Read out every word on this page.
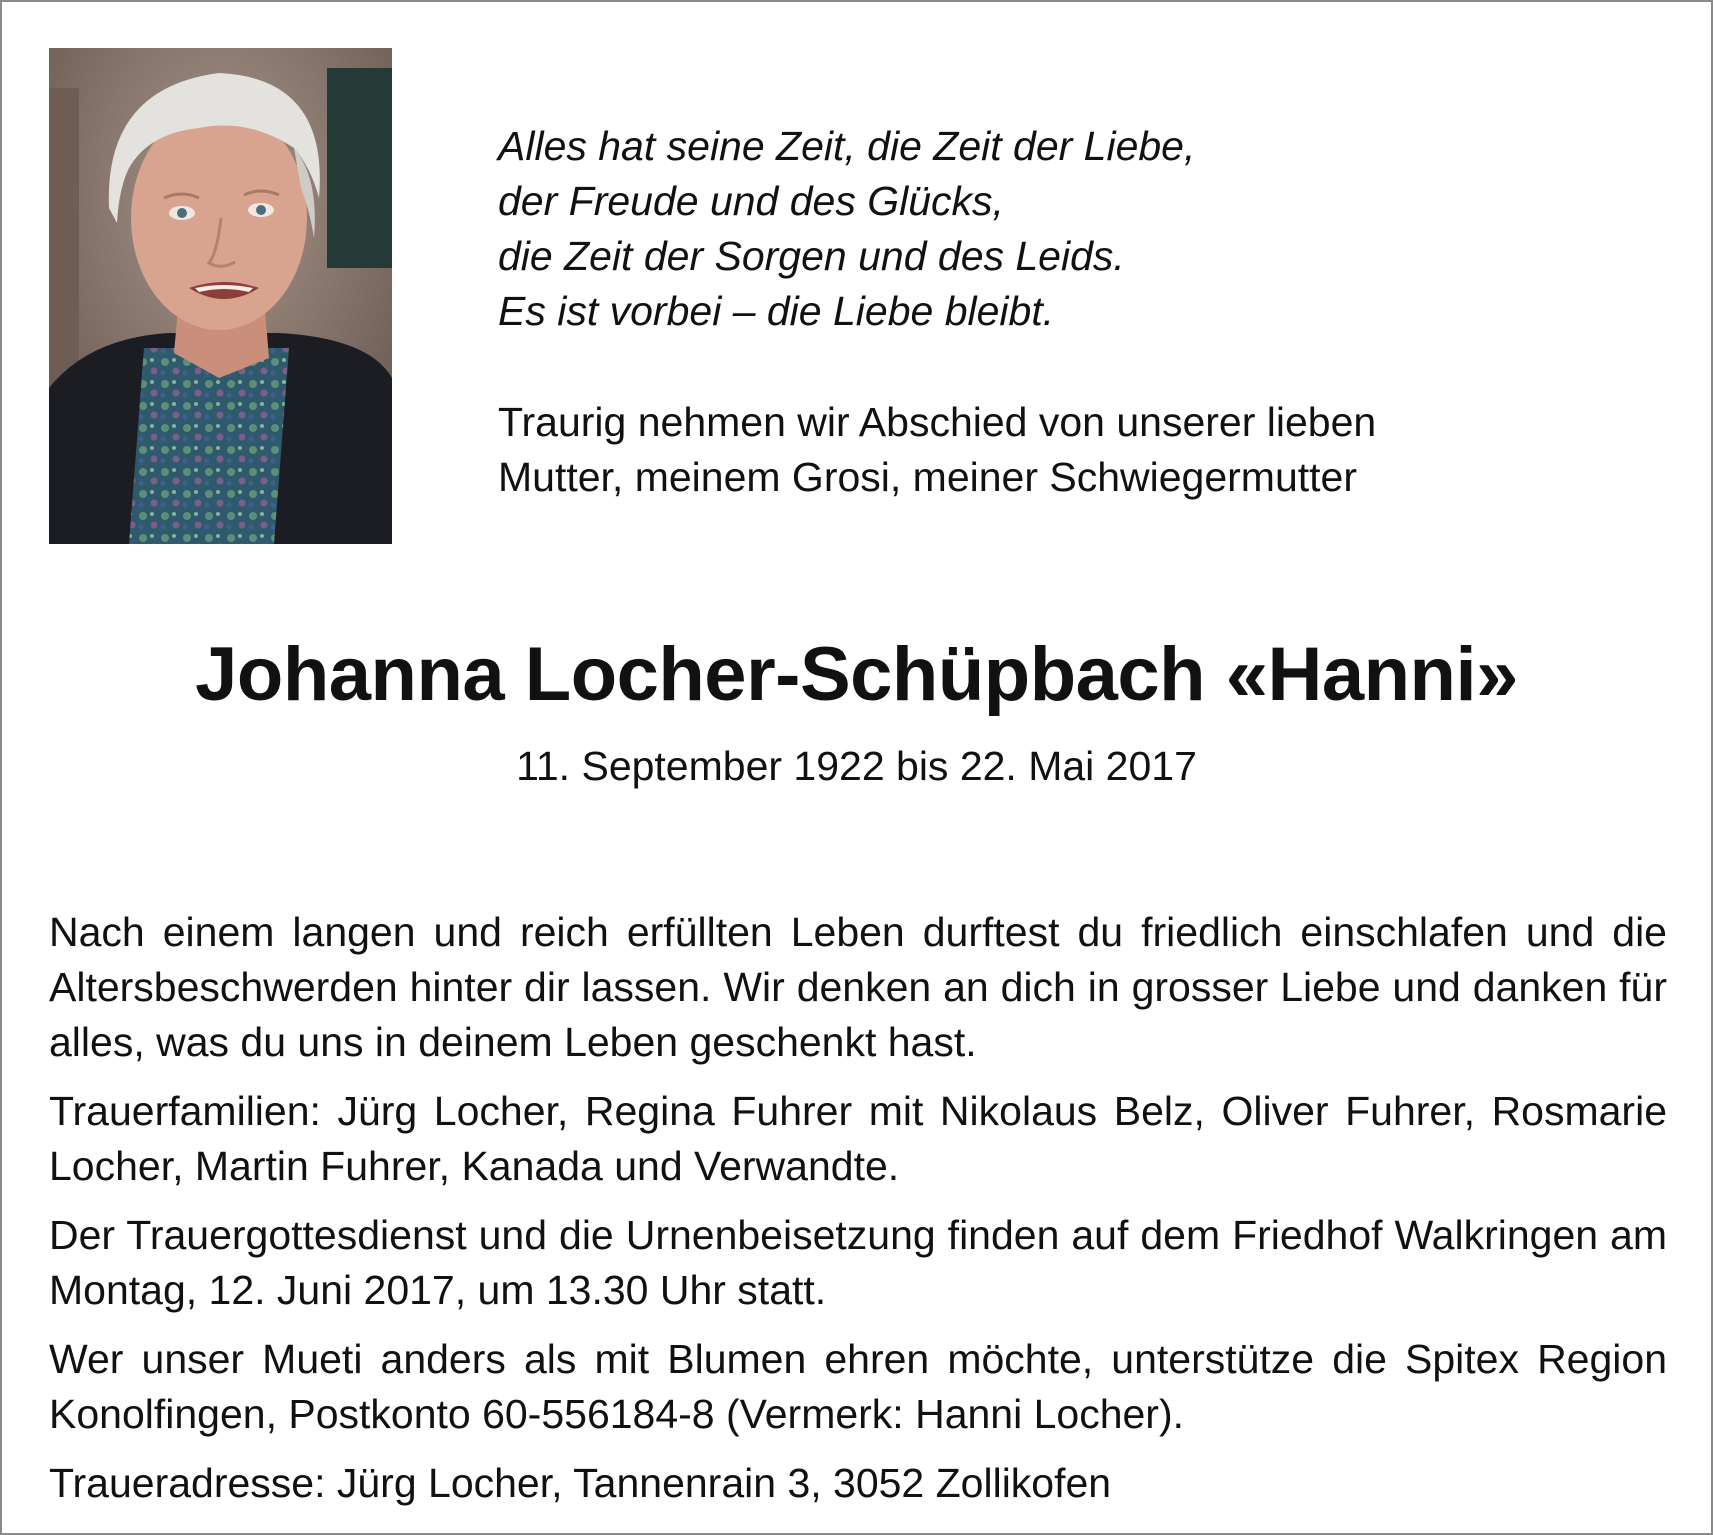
Alles hat seine Zeit, die Zeit der Liebe,
der Freude und des Glücks,
die Zeit der Sorgen und des Leids.
Es ist vorbei – die Liebe bleibt.
Traurig nehmen wir Abschied von unserer lieben
Mutter, meinem Grosi, meiner Schwiegermutter
Johanna Locher-Schüpbach «Hanni»
11. September 1922 bis 22. Mai 2017

Nach einem langen und reich erfüllten Leben durftest du friedlich einschlafen und die Altersbeschwerden hinter dir lassen. Wir denken an dich in grosser Liebe und danken für alles, was du uns in deinem Leben geschenkt hast.

Trauerfamilien: Jürg Locher, Regina Fuhrer mit Nikolaus Belz, Oliver Fuhrer, Rosmarie Locher, Martin Fuhrer, Kanada und Verwandte.

Der Trauergottesdienst und die Urnenbeisetzung finden auf dem Friedhof Walkringen am Montag, 12. Juni 2017, um 13.30 Uhr statt.

Wer unser Mueti anders als mit Blumen ehren möchte, unterstütze die Spitex Region Konolfingen, Postkonto 60-556184-8 (Vermerk: Hanni Locher).

Traueradresse: Jürg Locher, Tannenrain 3, 3052 Zollikofen
